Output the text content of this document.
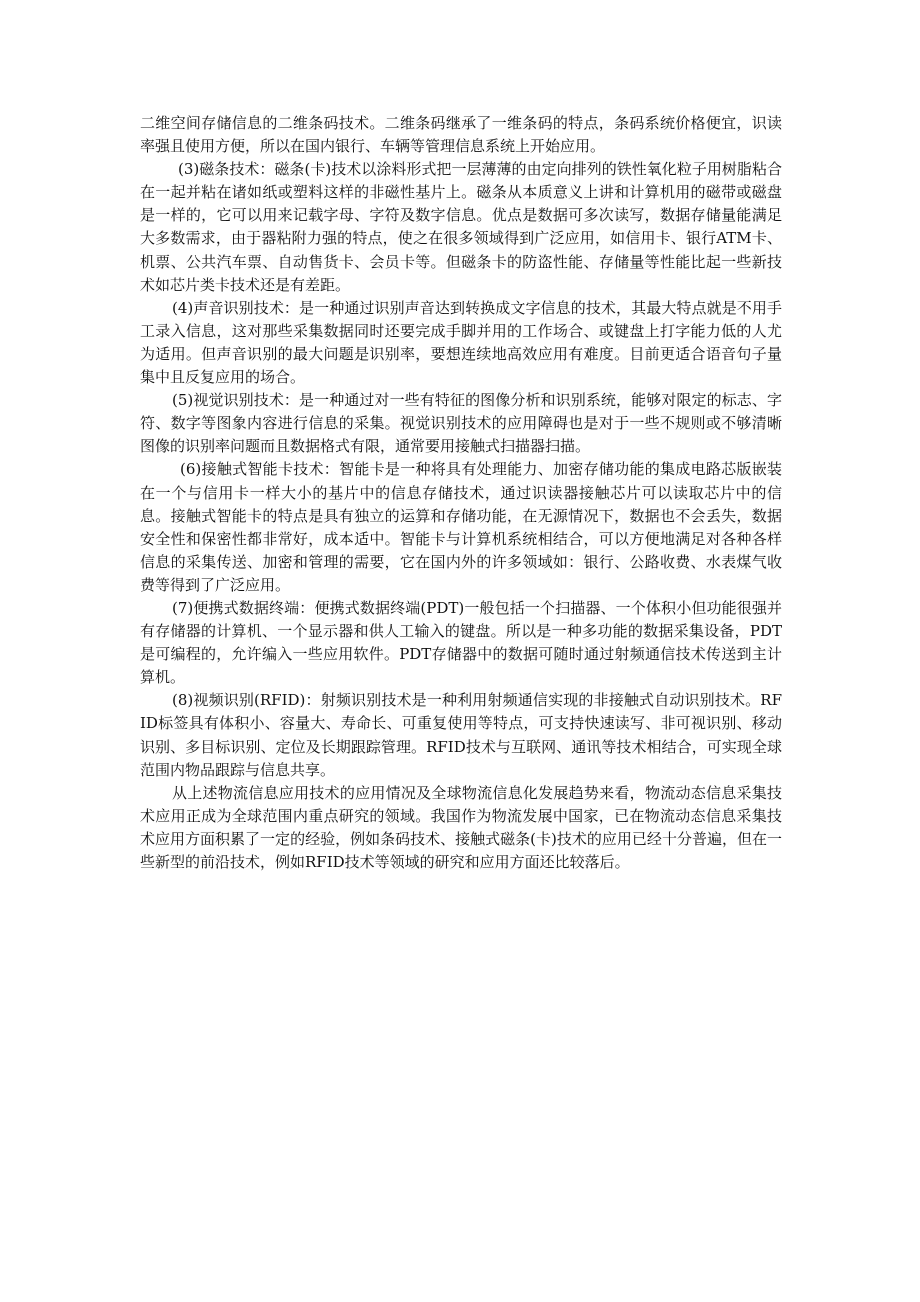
二维空间存储信息的二维条码技术。二维条码继承了一维条码的特点，条码系统价格便宜，识读率强且使用方便，所以在国内银行、车辆等管理信息系统上开始应用。

(3)磁条技术：磁条(卡)技术以涂料形式把一层薄薄的由定向排列的铁性氧化粒子用树脂粘合在一起并粘在诸如纸或塑料这样的非磁性基片上。磁条从本质意义上讲和计算机用的磁带或磁盘是一样的，它可以用来记载字母、字符及数字信息。优点是数据可多次读写，数据存储量能满足大多数需求，由于器粘附力强的特点，使之在很多领域得到广泛应用，如信用卡、银行ATM卡、机票、公共汽车票、自动售货卡、会员卡等。但磁条卡的防盗性能、存储量等性能比起一些新技术如芯片类卡技术还是有差距。

(4)声音识别技术：是一种通过识别声音达到转换成文字信息的技术，其最大特点就是不用手工录入信息，这对那些采集数据同时还要完成手脚并用的工作场合、或键盘上打字能力低的人尤为适用。但声音识别的最大问题是识别率，要想连续地高效应用有难度。目前更适合语音句子量集中且反复应用的场合。

(5)视觉识别技术：是一种通过对一些有特征的图像分析和识别系统，能够对限定的标志、字符、数字等图象内容进行信息的采集。视觉识别技术的应用障碍也是对于一些不规则或不够清晰图像的识别率问题而且数据格式有限，通常要用接触式扫描器扫描。

(6)接触式智能卡技术：智能卡是一种将具有处理能力、加密存储功能的集成电路芯版嵌装在一个与信用卡一样大小的基片中的信息存储技术，通过识读器接触芯片可以读取芯片中的信息。接触式智能卡的特点是具有独立的运算和存储功能，在无源情况下，数据也不会丢失，数据安全性和保密性都非常好，成本适中。智能卡与计算机系统相结合，可以方便地满足对各种各样信息的采集传送、加密和管理的需要，它在国内外的许多领域如：银行、公路收费、水表煤气收费等得到了广泛应用。

(7)便携式数据终端：便携式数据终端(PDT)一般包括一个扫描器、一个体积小但功能很强并有存储器的计算机、一个显示器和供人工输入的键盘。所以是一种多功能的数据采集设备，PDT是可编程的，允许编入一些应用软件。PDT存储器中的数据可随时通过射频通信技术传送到主计算机。

(8)视频识别(RFID)：射频识别技术是一种利用射频通信实现的非接触式自动识别技术。RFID标签具有体积小、容量大、寿命长、可重复使用等特点，可支持快速读写、非可视识别、移动识别、多目标识别、定位及长期跟踪管理。RFID技术与互联网、通讯等技术相结合，可实现全球范围内物品跟踪与信息共享。

从上述物流信息应用技术的应用情况及全球物流信息化发展趋势来看，物流动态信息采集技术应用正成为全球范围内重点研究的领域。我国作为物流发展中国家，已在物流动态信息采集技术应用方面积累了一定的经验，例如条码技术、接触式磁条(卡)技术的应用已经十分普遍，但在一些新型的前沿技术，例如RFID技术等领域的研究和应用方面还比较落后。
